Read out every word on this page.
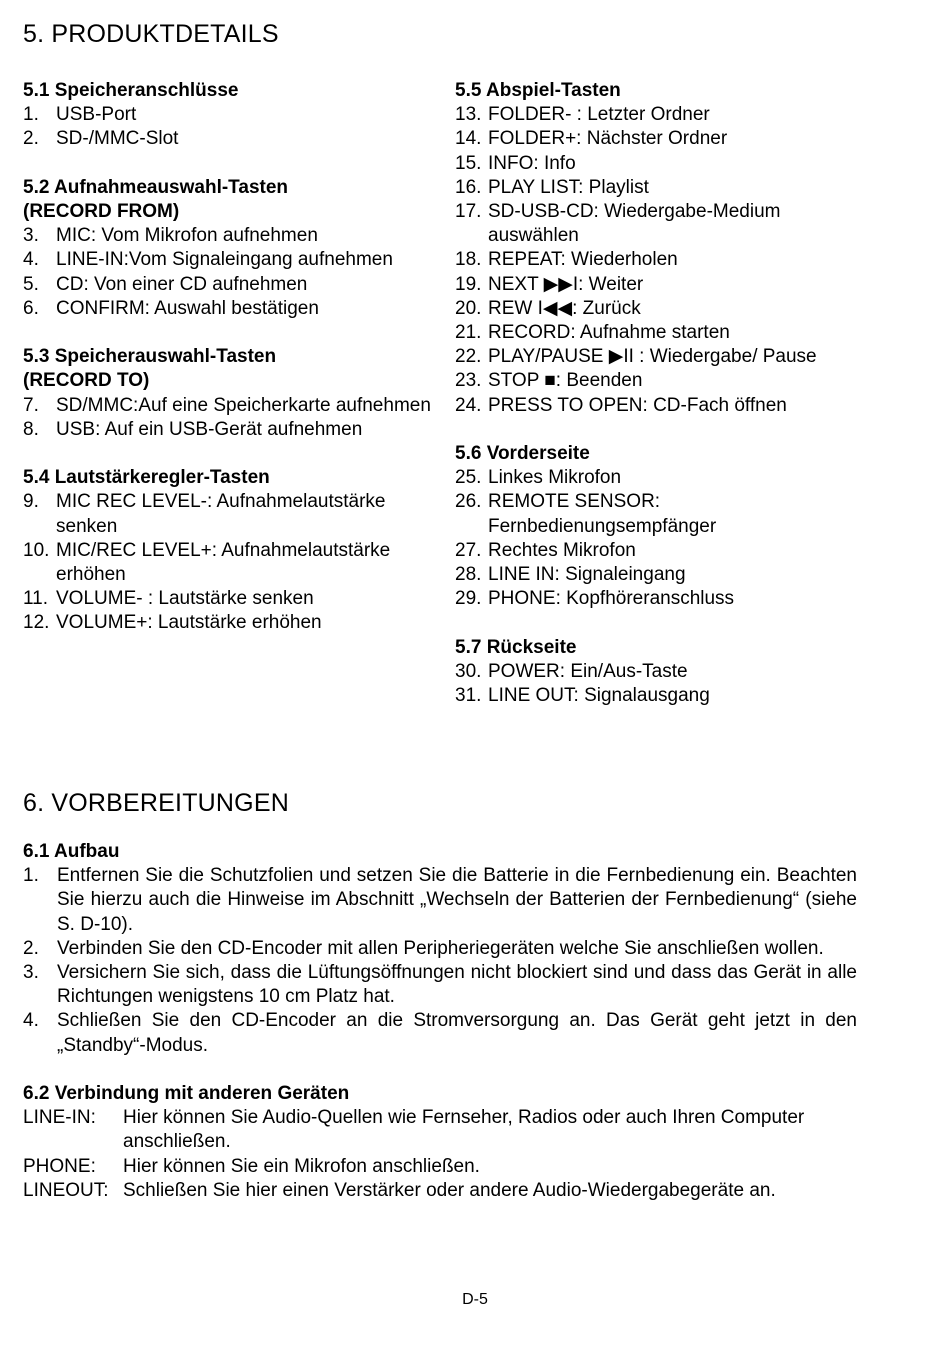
5. PRODUKTDETAILS
5.1 Speicheranschlüsse
1. USB-Port
2. SD-/MMC-Slot
5.2 Aufnahmeauswahl-Tasten
(RECORD FROM)
3. MIC: Vom Mikrofon aufnehmen
4. LINE-IN:Vom Signaleingang aufnehmen
5. CD: Von einer CD aufnehmen
6. CONFIRM: Auswahl bestätigen
5.3 Speicherauswahl-Tasten
(RECORD TO)
7. SD/MMC:Auf eine Speicherkarte aufnehmen
8. USB: Auf ein USB-Gerät aufnehmen
5.4 Lautstärkeregler-Tasten
9. MIC REC LEVEL-: Aufnahmelautstärke senken
10. MIC/REC LEVEL+: Aufnahmelautstärke erhöhen
11. VOLUME- : Lautstärke senken
12. VOLUME+: Lautstärke erhöhen
5.5 Abspiel-Tasten
13. FOLDER- : Letzter Ordner
14. FOLDER+: Nächster Ordner
15. INFO: Info
16. PLAY LIST: Playlist
17. SD-USB-CD: Wiedergabe-Medium auswählen
18. REPEAT: Wiederholen
19. NEXT ▶▶I: Weiter
20. REW I◀◀: Zurück
21. RECORD: Aufnahme starten
22. PLAY/PAUSE ▶II : Wiedergabe/ Pause
23. STOP ■: Beenden
24. PRESS TO OPEN: CD-Fach öffnen
5.6 Vorderseite
25. Linkes Mikrofon
26. REMOTE SENSOR: Fernbedienungsempfänger
27. Rechtes Mikrofon
28. LINE IN: Signaleingang
29. PHONE: Kopfhöreranschluss
5.7 Rückseite
30. POWER: Ein/Aus-Taste
31. LINE OUT: Signalausgang
6. VORBEREITUNGEN
6.1 Aufbau
1. Entfernen Sie die Schutzfolien und setzen Sie die Batterie in die Fernbedienung ein. Beachten Sie hierzu auch die Hinweise im Abschnitt „Wechseln der Batterien der Fernbedienung“ (siehe S. D-10).
2. Verbinden Sie den CD-Encoder mit allen Peripheriegeräten welche Sie anschließen wollen.
3. Versichern Sie sich, dass die Lüftungsöffnungen nicht blockiert sind und dass das Gerät in alle Richtungen wenigstens 10 cm Platz hat.
4. Schließen Sie den CD-Encoder an die Stromversorgung an. Das Gerät geht jetzt in den „Standby“-Modus.
6.2 Verbindung mit anderen Geräten
LINE-IN:	Hier können Sie Audio-Quellen wie Fernseher, Radios oder auch Ihren Computer anschließen.
PHONE:	Hier können Sie ein Mikrofon anschließen.
LINEOUT: Schließen Sie hier einen Verstärker oder andere Audio-Wiedergabegeräte an.
D-5
